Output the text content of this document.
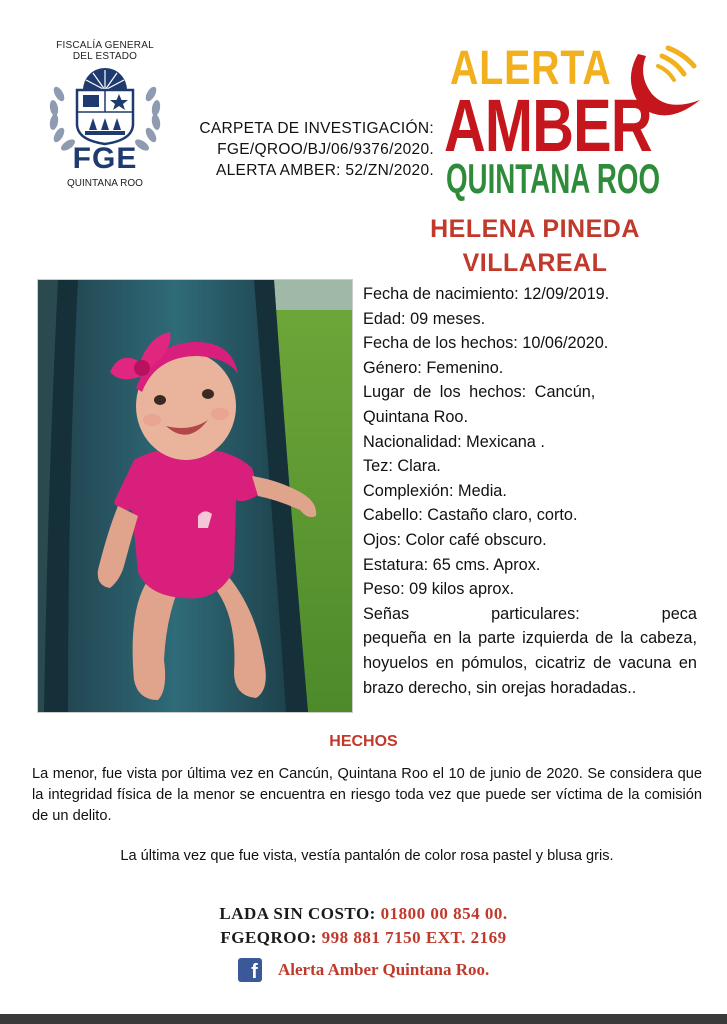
FISCALÍA GENERAL
DEL ESTADO
FGE
QUINTANA ROO
CARPETA DE INVESTIGACIÓN:
FGE/QROO/BJ/06/9376/2020.
ALERTA AMBER: 52/ZN/2020.
ALERTA
AMBER
QUINTANA ROO
HELENA PINEDA
VILLAREAL
Fecha de nacimiento: 12/09/2019.
Edad: 09 meses.
Fecha de los hechos: 10/06/2020.
Género: Femenino.
Lugar de los hechos: Cancún,
Quintana Roo.
Nacionalidad: Mexicana .
Tez: Clara.
Complexión: Media.
Cabello: Castaño claro, corto.
Ojos: Color café obscuro.
Estatura: 65 cms. Aprox.
Peso: 09 kilos aprox.
Señas	particulares:	peca
pequeña en la parte izquierda de la cabeza, hoyuelos en pómulos, cicatriz de vacuna en brazo derecho, sin orejas horadadas..
HECHOS
La menor, fue vista por última vez en Cancún, Quintana Roo el 10 de junio de 2020. Se considera que la integridad física de la menor se encuentra en riesgo toda vez que puede ser víctima de la comisión de un delito.
La última vez que fue vista, vestía pantalón de color rosa pastel y blusa gris.
LADA SIN COSTO: 01800 00 854 00.
FGEQROO: 998 881 7150 EXT. 2169
f Alerta Amber Quintana Roo.
